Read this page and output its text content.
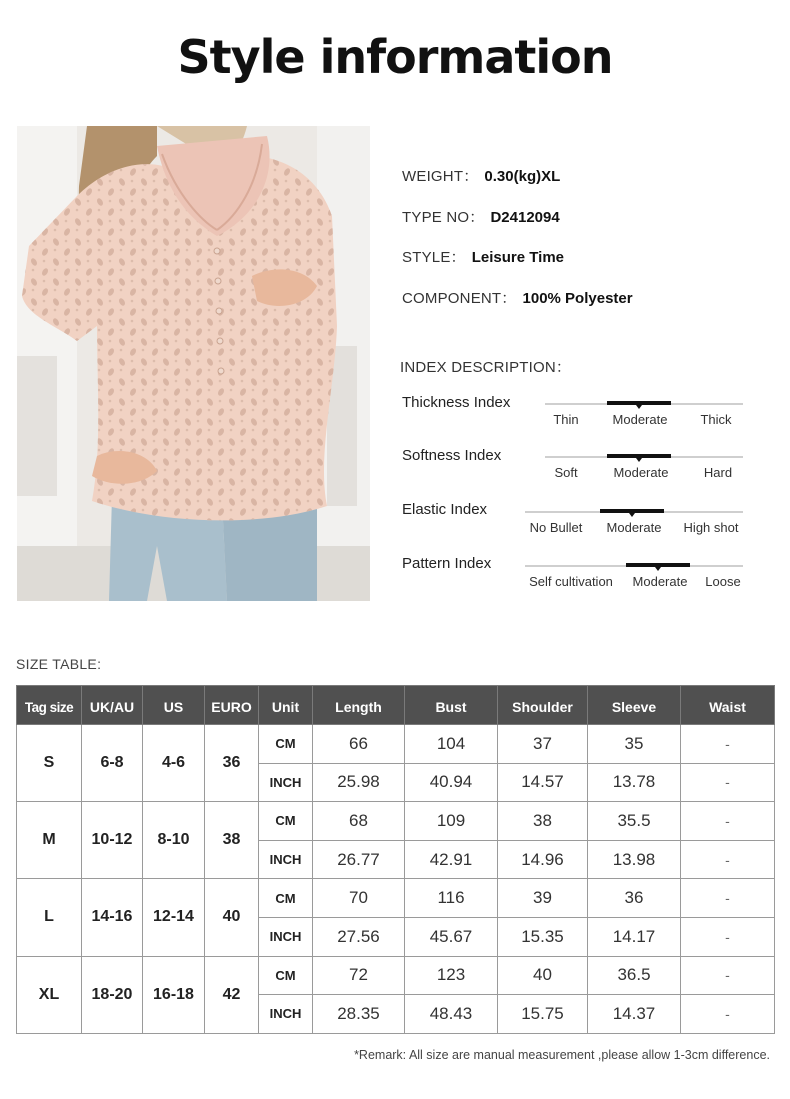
Style information
WEIGHT： 0.30(kg)XL
TYPE NO： D2412094
STYLE： Leisure Time
COMPONENT： 100% Polyester
INDEX DESCRIPTION：
Thickness Index
Thin	Moderate	Thick
Softness Index
Soft	Moderate	Hard
Elastic Index
No Bullet Moderate High shot
Pattern Index
Self cultivation Moderate Loose
SIZE TABLE:
Tag size	UK/AU	US	EURO	Unit	Length	Bust	Shoulder	Sleeve	Waist
S	6-8	4-6	36	CM	66	104	37	35	-
				INCH	25.98	40.94	14.57	13.78	-
M	10-12	8-10	38	CM	68	109	38	35.5	-
				INCH	26.77	42.91	14.96	13.98	-
L	14-16	12-14	40	CM	70	116	39	36	-
				INCH	27.56	45.67	15.35	14.17	-
XL	18-20	16-18	42	CM	72	123	40	36.5	-
				INCH	28.35	48.43	15.75	14.37	-
*Remark: All size are manual measurement ,please allow 1-3cm difference.
